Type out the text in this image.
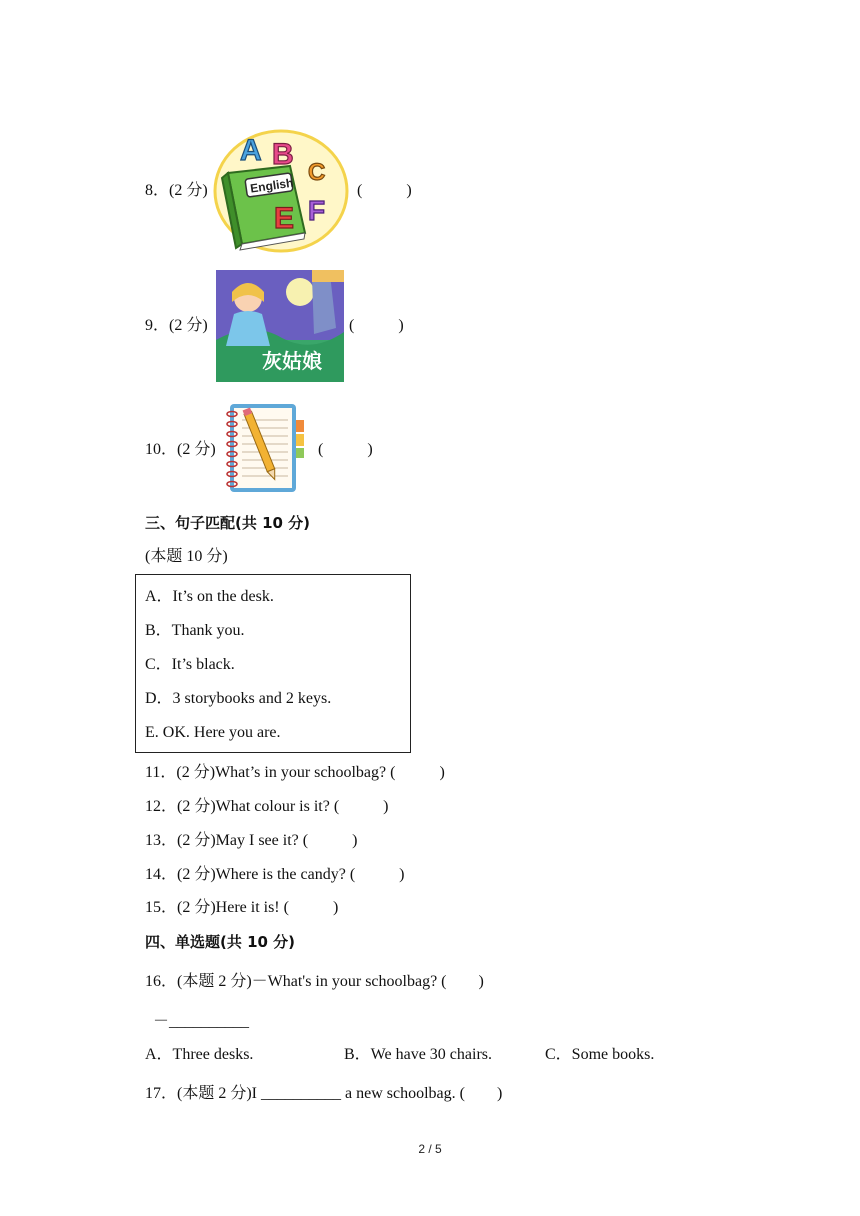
8．(2 分)	English
A B
C
E F
(           )
9．(2 分)
灰姑娘
(           )
10．(2 分)	(           )
三、句子匹配(共 10 分)
(本题 10 分)
A．It’s on the desk.
B．Thank you.
C．It’s black.
D．3 storybooks and 2 keys.
E. OK. Here you are.
11．(2 分)What’s in your schoolbag? (           )
12．(2 分)What colour is it? (           )
13．(2 分)May I see it? (           )
14．(2 分)Where is the candy? (           )
15．(2 分)Here it is! (           )
四、单选题(共 10 分)
16．(本题 2 分)－What's in your schoolbag? (        )
－__________
A．Three desks.	B．We have 30 chairs.	C．Some books.
17．(本题 2 分)I __________ a new schoolbag. (        )
2 / 5
